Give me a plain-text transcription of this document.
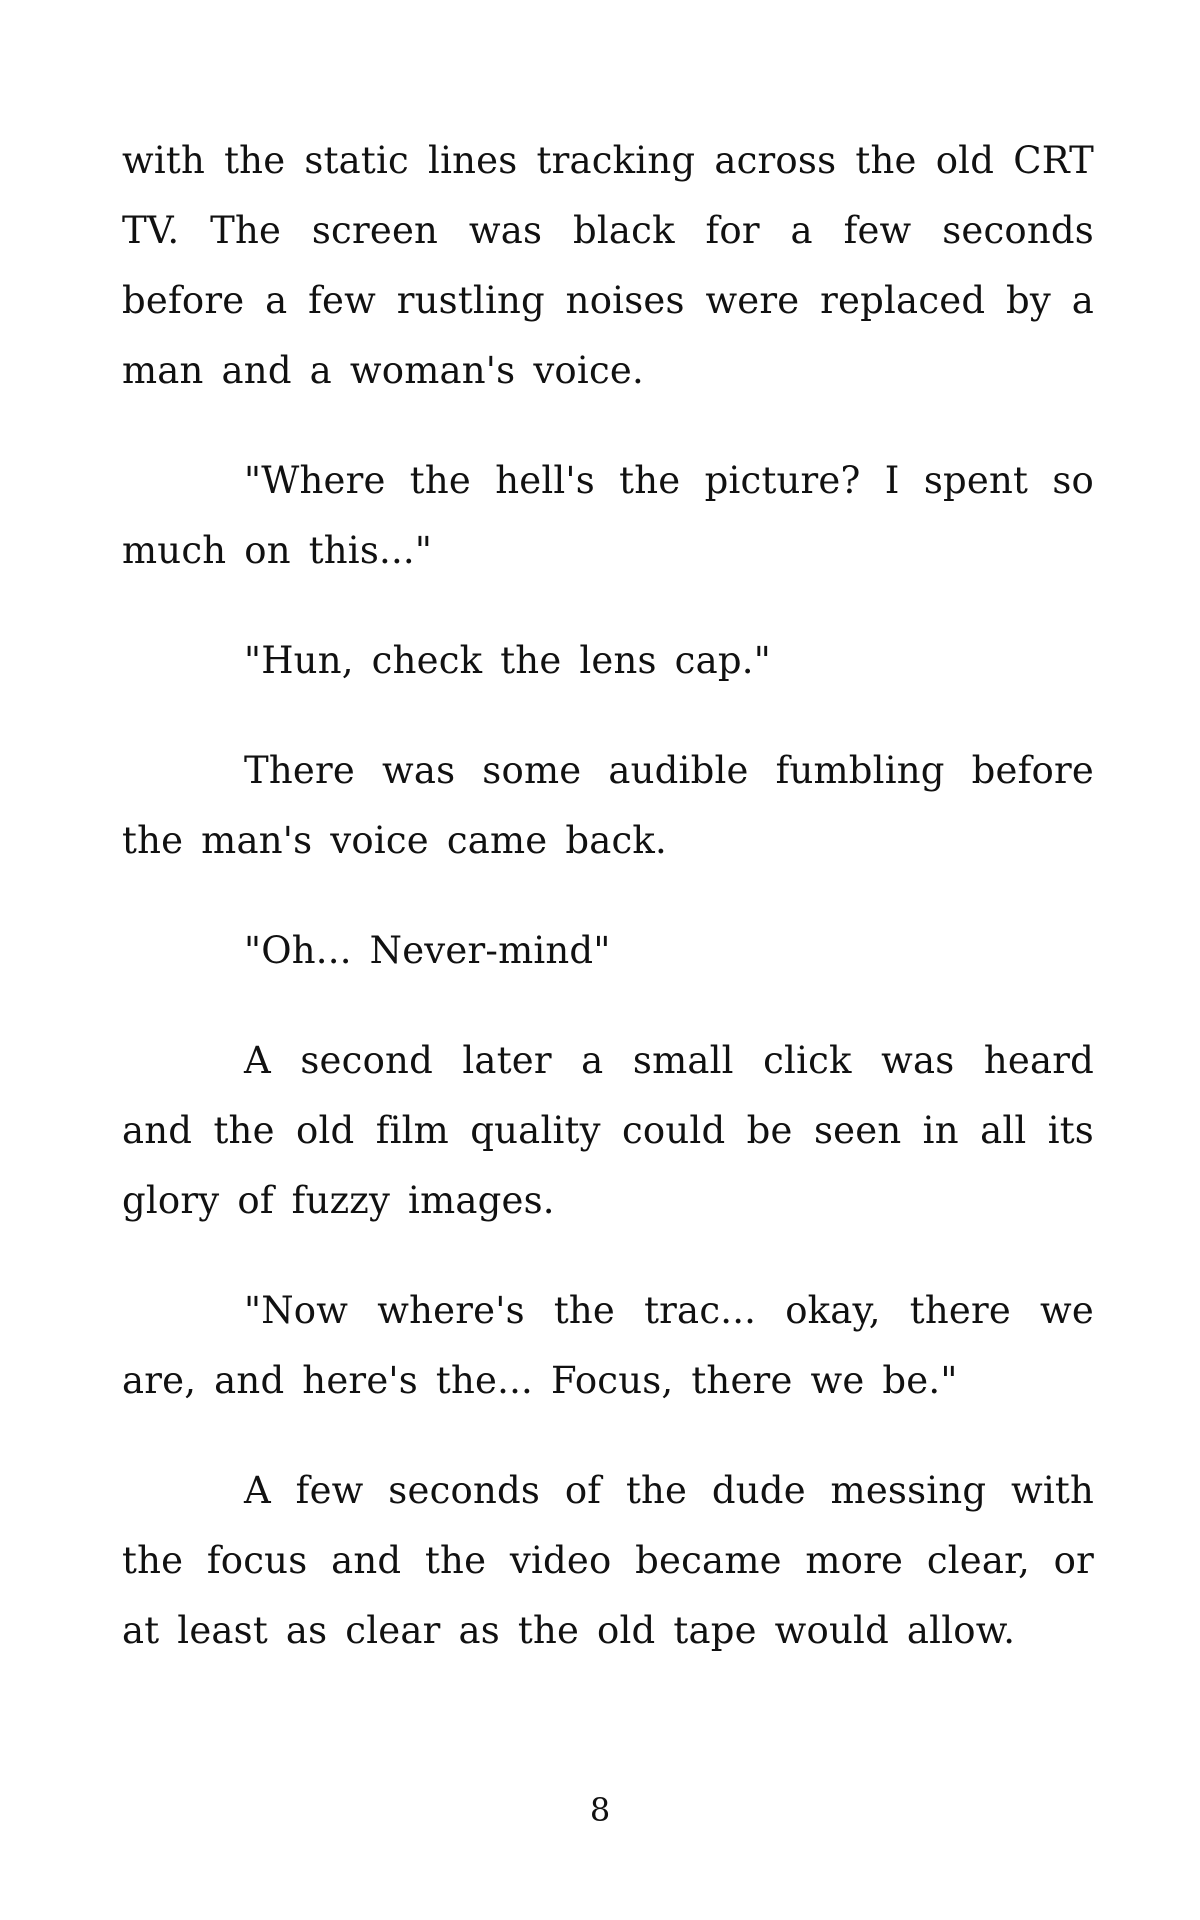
with the static lines tracking across the old CRT TV. The screen was black for a few seconds before a few rustling noises were replaced by a man and a woman's voice.

"Where the hell's the picture? I spent so much on this..."

"Hun, check the lens cap."

There was some audible fumbling before the man's voice came back.

"Oh... Never-mind"

A second later a small click was heard and the old film quality could be seen in all its glory of fuzzy images.

"Now where's the trac... okay, there we are, and here's the... Focus, there we be."

A few seconds of the dude messing with the focus and the video became more clear, or at least as clear as the old tape would allow.

8
